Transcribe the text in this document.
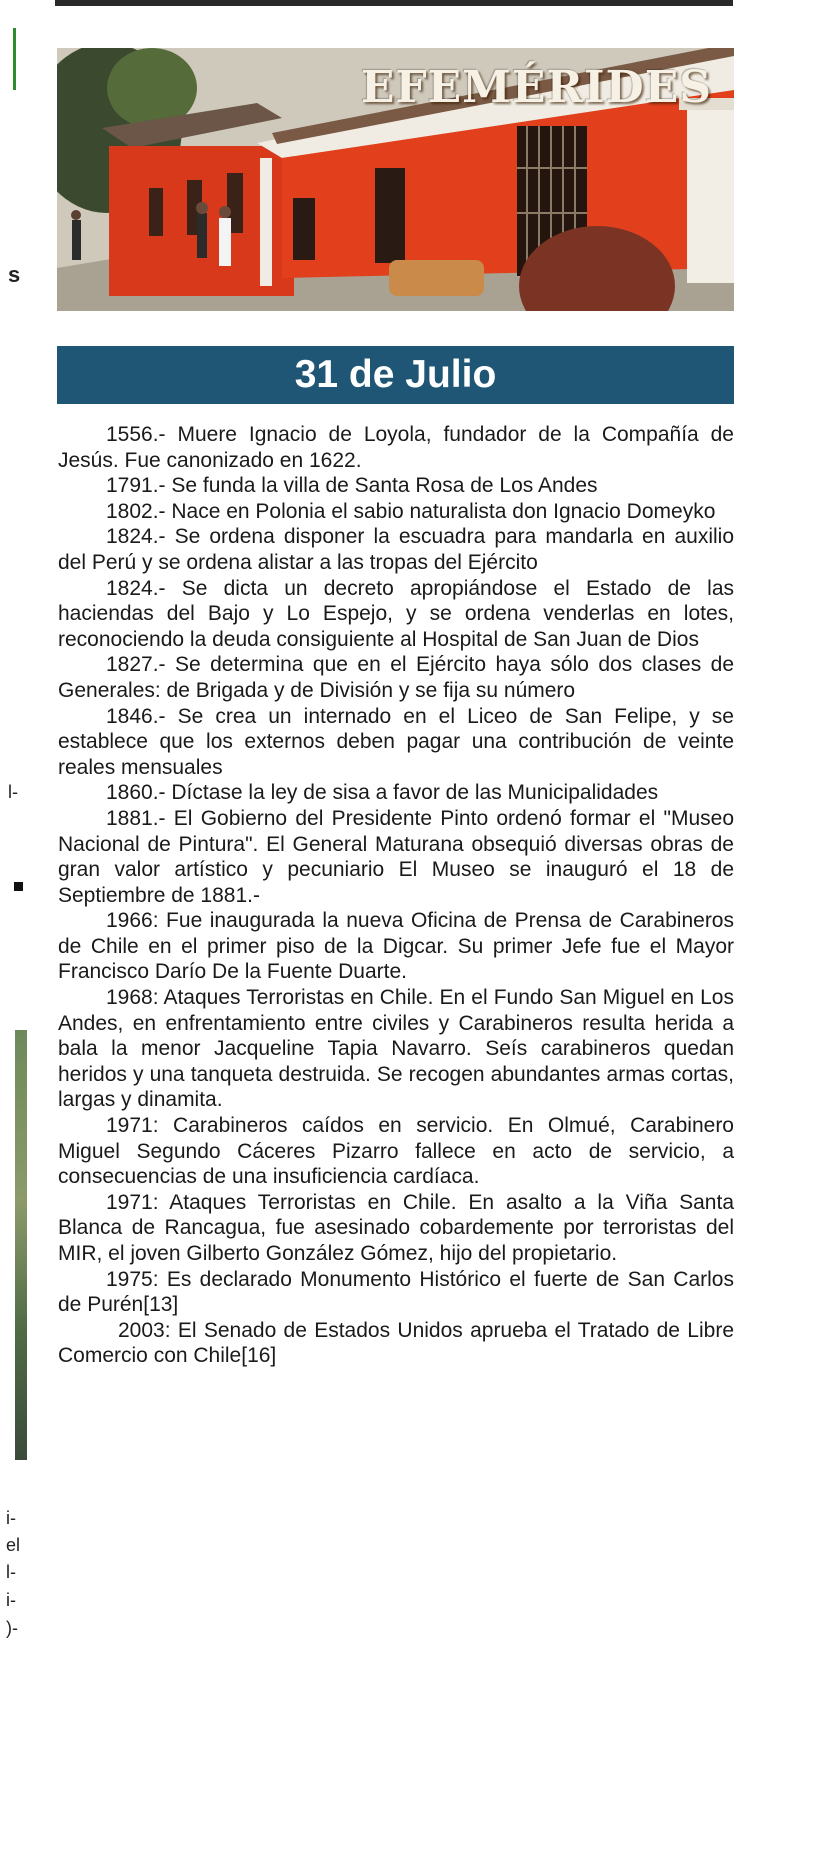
s
l-
i-
el
l-
i-
)-
EFEMÉRIDES
31 de Julio

1556.- Muere Ignacio de Loyola, fundador de la Compañía de Jesús. Fue canonizado en 1622.

1791.- Se funda la villa de Santa Rosa de Los Andes

1802.- Nace en Polonia el sabio naturalista don Ignacio Domeyko

1824.- Se ordena disponer la escuadra para mandarla en auxilio del Perú y se ordena alistar a las tropas del Ejército

1824.- Se dicta un decreto apropiándose el Estado de las haciendas del Bajo y Lo Espejo, y se ordena venderlas en lotes, reconociendo la deuda consiguiente al Hospital de San Juan de Dios

1827.- Se determina que en el Ejército haya sólo dos clases de Generales: de Brigada y de División y se fija su número

1846.- Se crea un internado en el Liceo de San Felipe, y se establece que los externos deben pagar una contribución de veinte reales mensuales

1860.- Díctase la ley de sisa a favor de las Municipalidades

1881.- El Gobierno del Presidente Pinto ordenó formar el "Museo Nacional de Pintura". El General Maturana obsequió diversas obras de gran valor artístico y pecuniario El Museo se inauguró el 18 de Septiembre de 1881.-

1966: Fue inaugurada la nueva Oficina de Prensa de Carabineros de Chile en el primer piso de la Digcar. Su primer Jefe fue el Mayor Francisco Darío De la Fuente Duarte.

1968: Ataques Terroristas en Chile. En el Fundo San Miguel en Los Andes, en enfrentamiento entre civiles y Carabineros resulta herida a bala la menor Jacqueline Tapia Navarro. Seís carabineros quedan heridos y una tanqueta destruida. Se recogen abundantes armas cortas, largas y dinamita.

1971: Carabineros caídos en servicio. En Olmué, Carabinero Miguel Segundo Cáceres Pizarro fallece en acto de servicio, a consecuencias de una insuficiencia cardíaca.

1971: Ataques Terroristas en Chile. En asalto a la Viña Santa Blanca de Rancagua, fue asesinado cobardemente por terroristas del MIR, el joven Gilberto González Gómez, hijo del propietario.

1975: Es declarado Monumento Histórico el fuerte de San Carlos de Purén[13]

2003: El Senado de Estados Unidos aprueba el Tratado de Libre Comercio con Chile[16]
